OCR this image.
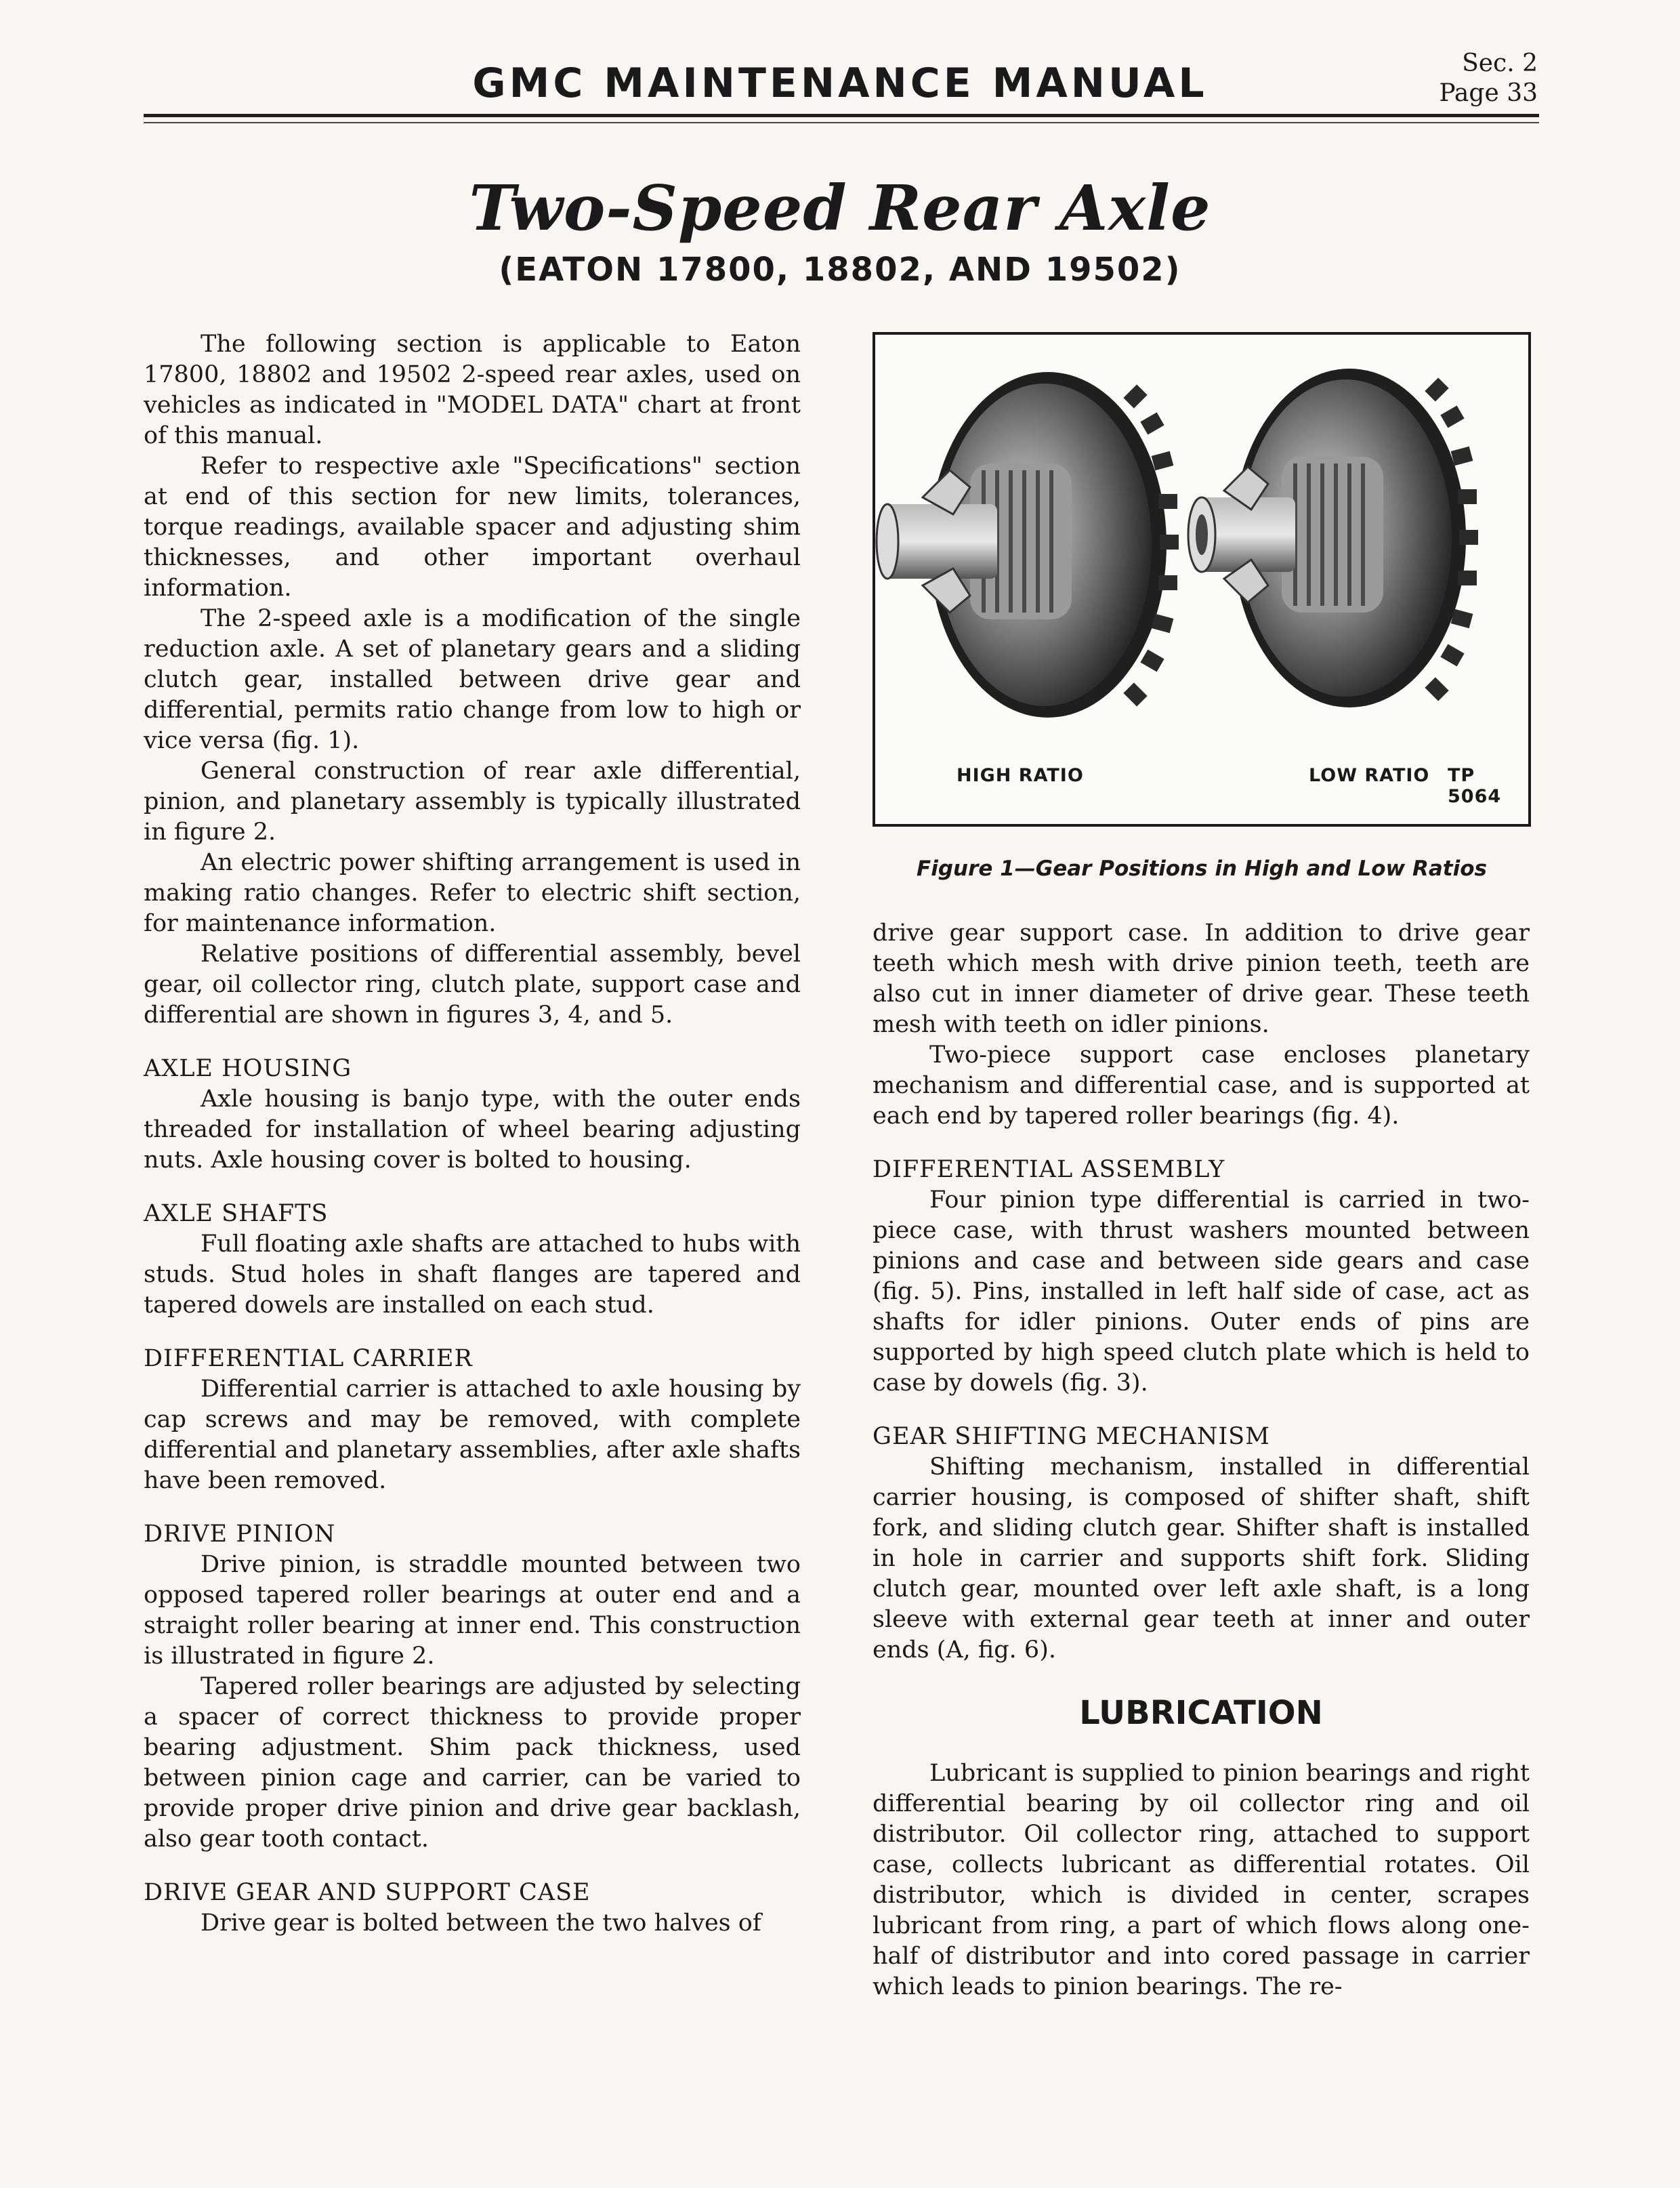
GMC MAINTENANCE MANUAL	Sec. 2
Page 33
Two-Speed Rear Axle
(EATON 17800, 18802, AND 19502)

The following section is applicable to Eaton 17800, 18802 and 19502 2-speed rear axles, used on vehicles as indicated in "MODEL DATA" chart at front of this manual.

Refer to respective axle "Specifications" section at end of this section for new limits, tolerances, torque readings, available spacer and adjusting shim thicknesses, and other important overhaul information.

The 2-speed axle is a modification of the single reduction axle. A set of planetary gears and a sliding clutch gear, installed between drive gear and differential, permits ratio change from low to high or vice versa (fig. 1).

General construction of rear axle differential, pinion, and planetary assembly is typically illustrated in figure 2.

An electric power shifting arrangement is used in making ratio changes. Refer to electric shift section, for maintenance information.

Relative positions of differential assembly, bevel gear, oil collector ring, clutch plate, support case and differential are shown in figures 3, 4, and 5.

AXLE HOUSING

Axle housing is banjo type, with the outer ends threaded for installation of wheel bearing adjusting nuts. Axle housing cover is bolted to housing.

AXLE SHAFTS

Full floating axle shafts are attached to hubs with studs. Stud holes in shaft flanges are tapered and tapered dowels are installed on each stud.

DIFFERENTIAL CARRIER

Differential carrier is attached to axle housing by cap screws and may be removed, with complete differential and planetary assemblies, after axle shafts have been removed.

DRIVE PINION

Drive pinion, is straddle mounted between two opposed tapered roller bearings at outer end and a straight roller bearing at inner end. This construction is illustrated in figure 2.

Tapered roller bearings are adjusted by selecting a spacer of correct thickness to provide proper bearing adjustment. Shim pack thickness, used between pinion cage and carrier, can be varied to provide proper drive pinion and drive gear backlash, also gear tooth contact.

DRIVE GEAR AND SUPPORT CASE

Drive gear is bolted between the two halves of

HIGH RATIO	LOW RATIO TP 5064
Figure 1—Gear Positions in High and Low Ratios

drive gear support case. In addition to drive gear teeth which mesh with drive pinion teeth, teeth are also cut in inner diameter of drive gear. These teeth mesh with teeth on idler pinions.

Two-piece support case encloses planetary mechanism and differential case, and is supported at each end by tapered roller bearings (fig. 4).

DIFFERENTIAL ASSEMBLY

Four pinion type differential is carried in two-piece case, with thrust washers mounted between pinions and case and between side gears and case (fig. 5). Pins, installed in left half side of case, act as shafts for idler pinions. Outer ends of pins are supported by high speed clutch plate which is held to case by dowels (fig. 3).

GEAR SHIFTING MECHANISM

Shifting mechanism, installed in differential carrier housing, is composed of shifter shaft, shift fork, and sliding clutch gear. Shifter shaft is installed in hole in carrier and supports shift fork. Sliding clutch gear, mounted over left axle shaft, is a long sleeve with external gear teeth at inner and outer ends (A, fig. 6).

LUBRICATION

Lubricant is supplied to pinion bearings and right differential bearing by oil collector ring and oil distributor. Oil collector ring, attached to support case, collects lubricant as differential rotates. Oil distributor, which is divided in center, scrapes lubricant from ring, a part of which flows along one-half of distributor and into cored passage in carrier which leads to pinion bearings. The re-
